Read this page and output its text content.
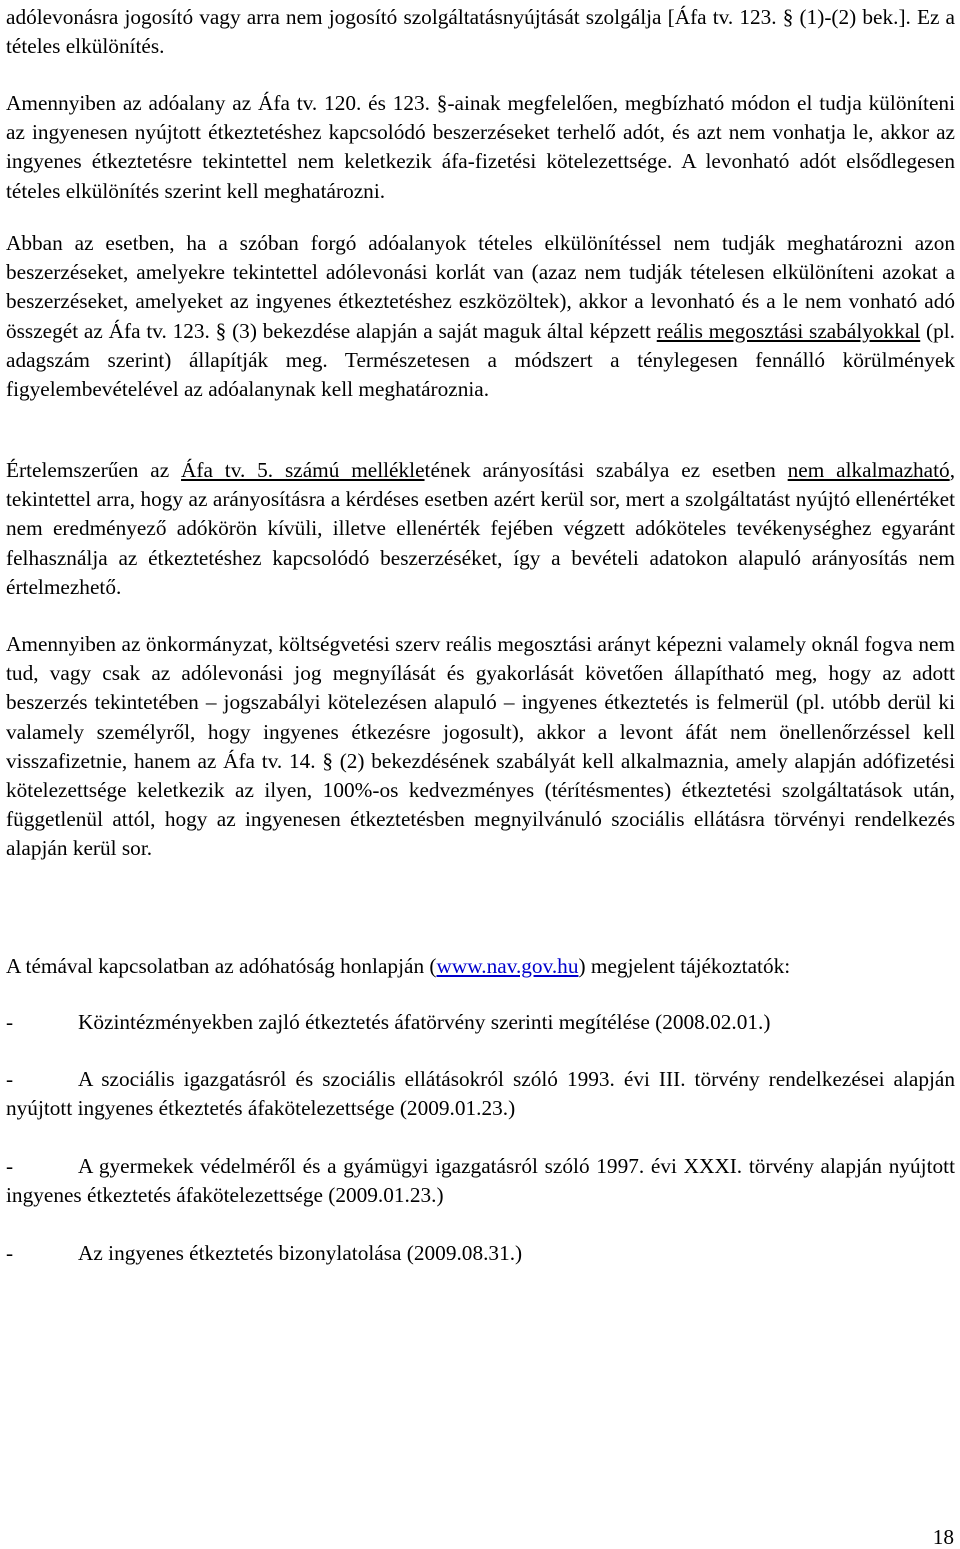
adólevonásra jogosító vagy arra nem jogosító szolgáltatásnyújtását szolgálja [Áfa tv. 123. § (1)-(2) bek.]. Ez a tételes elkülönítés.

Amennyiben az adóalany az Áfa tv. 120. és 123. §-ainak megfelelően, megbízható módon el tudja különíteni az ingyenesen nyújtott étkeztetéshez kapcsolódó beszerzéseket terhelő adót, és azt nem vonhatja le, akkor az ingyenes étkeztetésre tekintettel nem keletkezik áfa-fizetési kötelezettsége. A levonható adót elsődlegesen tételes elkülönítés szerint kell meghatározni.

Abban az esetben, ha a szóban forgó adóalanyok tételes elkülönítéssel nem tudják meghatározni azon beszerzéseket, amelyekre tekintettel adólevonási korlát van (azaz nem tudják tételesen elkülöníteni azokat a beszerzéseket, amelyeket az ingyenes étkeztetéshez eszközöltek), akkor a levonható és a le nem vonható adó összegét az Áfa tv. 123. § (3) bekezdése alapján a saját maguk által képzett reális megosztási szabályokkal (pl. adagszám szerint) állapítják meg. Természetesen a módszert a ténylegesen fennálló körülmények figyelembevételével az adóalanynak kell meghatároznia.

Értelemszerűen az Áfa tv. 5. számú mellékletének arányosítási szabálya ez esetben nem alkalmazható, tekintettel arra, hogy az arányosításra a kérdéses esetben azért kerül sor, mert a szolgáltatást nyújtó ellenértéket nem eredményező adókörön kívüli, illetve ellenérték fejében végzett adóköteles tevékenységhez egyaránt felhasználja az étkeztetéshez kapcsolódó beszerzéséket, így a bevételi adatokon alapuló arányosítás nem értelmezhető.

Amennyiben az önkormányzat, költségvetési szerv reális megosztási arányt képezni valamely oknál fogva nem tud, vagy csak az adólevonási jog megnyílását és gyakorlását követően állapítható meg, hogy az adott beszerzés tekintetében – jogszabályi kötelezésen alapuló – ingyenes étkeztetés is felmerül (pl. utóbb derül ki valamely személyről, hogy ingyenes étkezésre jogosult), akkor a levont áfát nem önellenőrzéssel kell visszafizetnie, hanem az Áfa tv. 14. § (2) bekezdésének szabályát kell alkalmaznia, amely alapján adófizetési kötelezettsége keletkezik az ilyen, 100%-os kedvezményes (térítésmentes) étkeztetési szolgáltatások után, függetlenül attól, hogy az ingyenesen étkeztetésben megnyilvánuló szociális ellátásra törvényi rendelkezés alapján kerül sor.

A témával kapcsolatban az adóhatóság honlapján (www.nav.gov.hu) megjelent tájékoztatók:

-	Közintézményekben zajló étkeztetés áfatörvény szerinti megítélése (2008.02.01.)

-	A szociális igazgatásról és szociális ellátásokról szóló 1993. évi III. törvény rendelkezései alapján nyújtott ingyenes étkeztetés áfakötelezettsége (2009.01.23.)

-	A gyermekek védelméről és a gyámügyi igazgatásról szóló 1997. évi XXXI. törvény alapján nyújtott ingyenes étkeztetés áfakötelezettsége (2009.01.23.)

-	Az ingyenes étkeztetés bizonylatolása (2009.08.31.)

18
